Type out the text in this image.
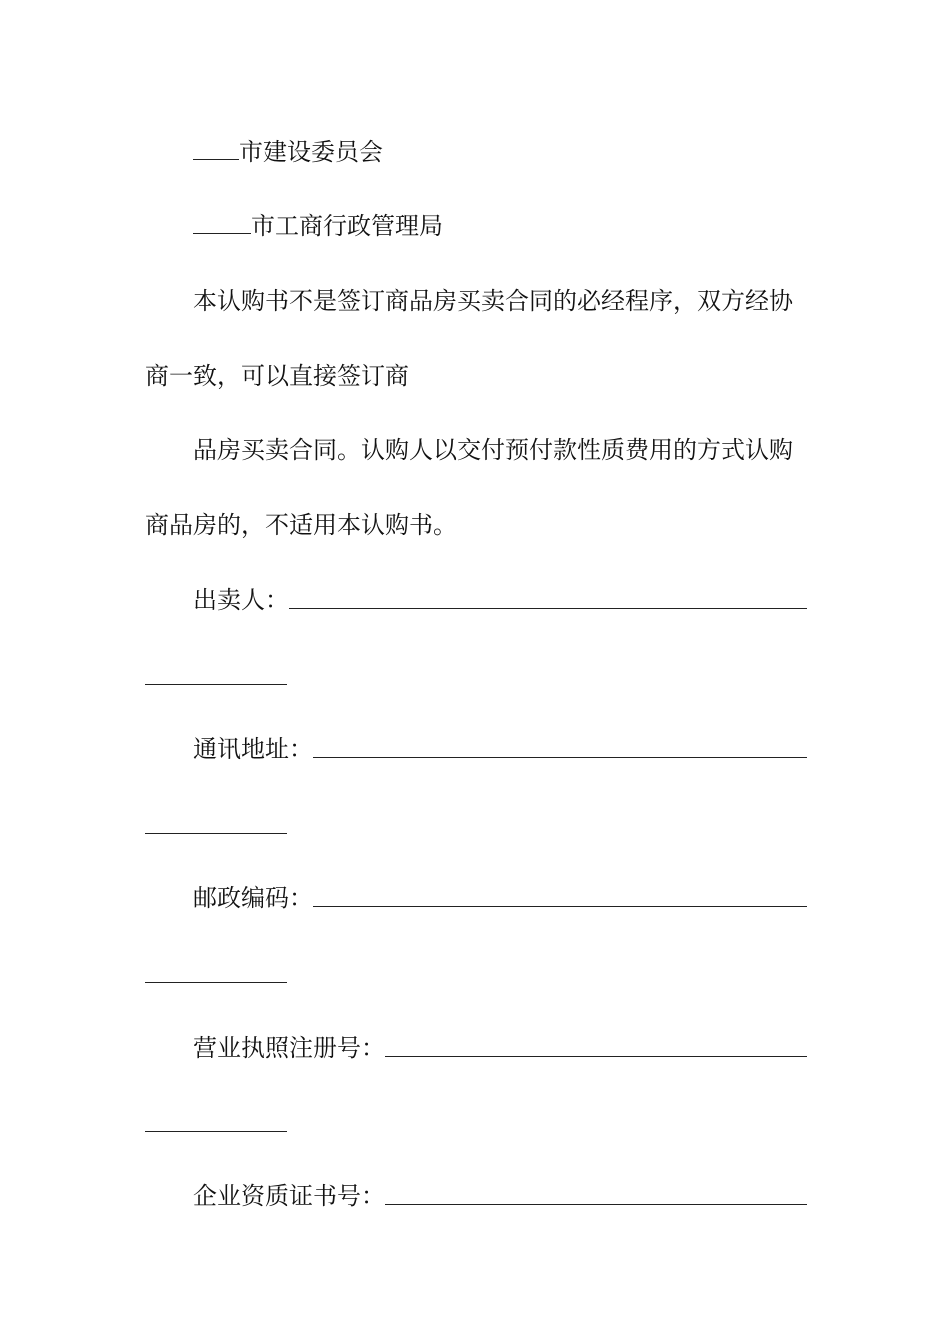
市建设委员会
市工商行政管理局
本认购书不是签订商品房买卖合同的必经程序，双方经协
商一致，可以直接签订商
品房买卖合同。认购人以交付预付款性质费用的方式认购
商品房的，不适用本认购书。
出卖人：
通讯地址：
邮政编码：
营业执照注册号：
企业资质证书号：
